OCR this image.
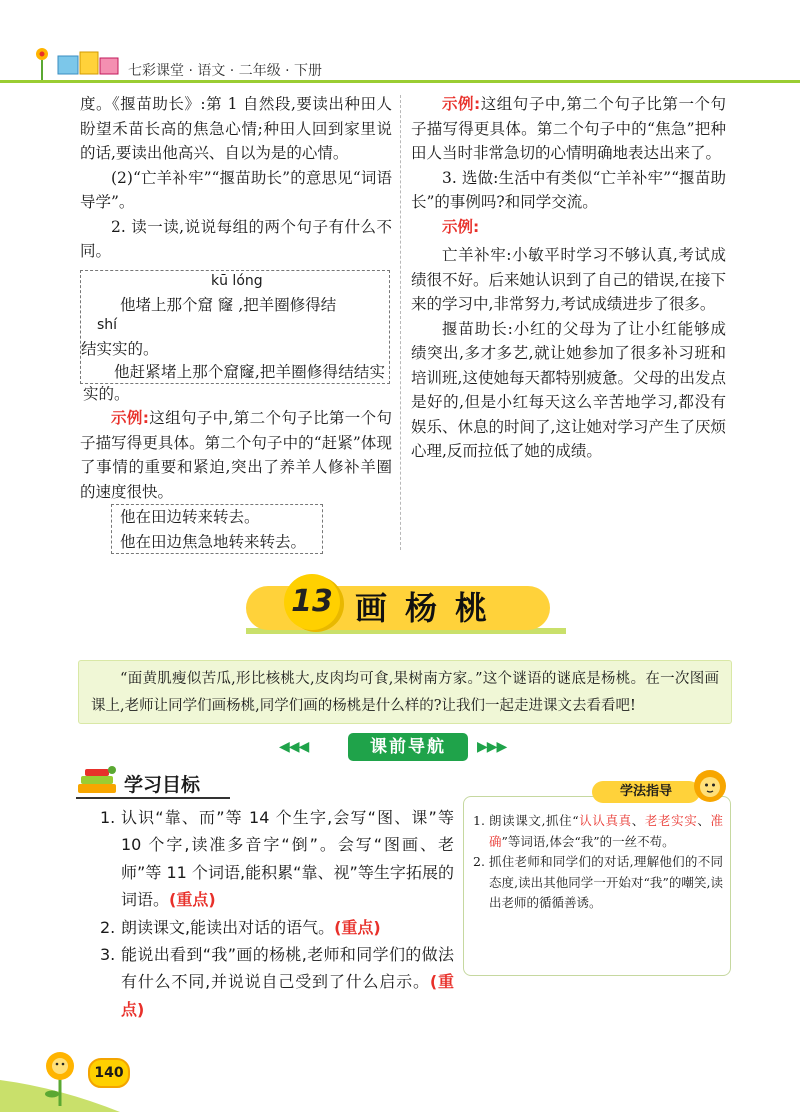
七彩课堂 · 语文 · 二年级 · 下册

度。《揠苗助长》:第 1 自然段,要读出种田人盼望禾苗长高的焦急心情;种田人回到家里说的话,要读出他高兴、自以为是的心情。

(2)“亡羊补牢”“揠苗助长”的意思见“词语导学”。

2. 读一读,说说每组的两个句子有什么不同。

kū lóng

他堵上那个窟 窿 ,把羊圈修得结

shí

结实实的。

他赶紧堵上那个窟窿,把羊圈修得结结实实的。

示例:这组句子中,第二个句子比第一个句子描写得更具体。第二个句子中的“赶紧”体现了事情的重要和紧迫,突出了养羊人修补羊圈的速度很快。

他在田边转来转去。

他在田边焦急地转来转去。

示例:这组句子中,第二个句子比第一个句子描写得更具体。第二个句子中的“焦急”把种田人当时非常急切的心情明确地表达出来了。

3. 选做:生活中有类似“亡羊补牢”“揠苗助长”的事例吗?和同学交流。

示例:

亡羊补牢:小敏平时学习不够认真,考试成绩很不好。后来她认识到了自己的错误,在接下来的学习中,非常努力,考试成绩进步了很多。

揠苗助长:小红的父母为了让小红能够成绩突出,多才多艺,就让她参加了很多补习班和培训班,这使她每天都特别疲惫。父母的出发点是好的,但是小红每天这么辛苦地学习,都没有娱乐、休息的时间了,这让她对学习产生了厌烦心理,反而拉低了她的成绩。

13 画杨桃
“面黄肌瘦似苦瓜,形比核桃大,皮肉均可食,果树南方家。”这个谜语的谜底是杨桃。在一次图画课上,老师让同学们画杨桃,同学们画的杨桃是什么样的?让我们一起走进课文去看看吧!
◀◀◀	课前导航	▶▶▶
学习目标
1. 认识“靠、而”等 14 个生字,会写“图、课”等 10 个字,读准多音字“倒”。会写“图画、老师”等 11 个词语,能积累“靠、视”等生字拓展的词语。(重点)
2. 朗读课文,能读出对话的语气。(重点)
3. 能说出看到“我”画的杨桃,老师和同学们的做法有什么不同,并说说自己受到了什么启示。(重点)
学法指导
1. 朗读课文,抓住“认认真真、老老实实、准确”等词语,体会“我”的一丝不苟。
2. 抓住老师和同学们的对话,理解他们的不同态度,读出其他同学一开始对“我”的嘲笑,读出老师的循循善诱。
140
